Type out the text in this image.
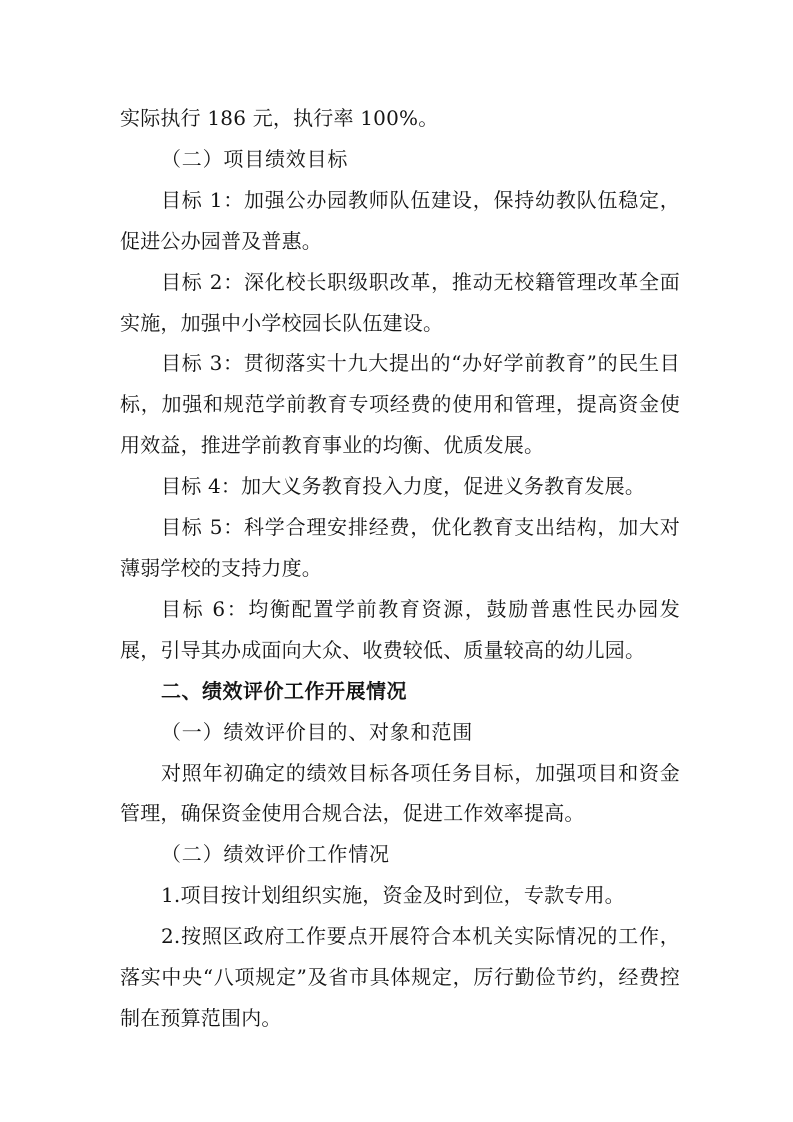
实际执行 186 元，执行率 100%。

（二）项目绩效目标

目标 1：加强公办园教师队伍建设，保持幼教队伍稳定，促进公办园普及普惠。

目标 2：深化校长职级职改革，推动无校籍管理改革全面实施，加强中小学校园长队伍建设。

目标 3：贯彻落实十九大提出的“办好学前教育”的民生目标，加强和规范学前教育专项经费的使用和管理，提高资金使用效益，推进学前教育事业的均衡、优质发展。

目标 4：加大义务教育投入力度，促进义务教育发展。

目标 5：科学合理安排经费，优化教育支出结构，加大对薄弱学校的支持力度。

目标 6：均衡配置学前教育资源，鼓励普惠性民办园发展，引导其办成面向大众、收费较低、质量较高的幼儿园。

二、绩效评价工作开展情况

（一）绩效评价目的、对象和范围

对照年初确定的绩效目标各项任务目标，加强项目和资金管理，确保资金使用合规合法，促进工作效率提高。

（二）绩效评价工作情况

1.项目按计划组织实施，资金及时到位，专款专用。

2.按照区政府工作要点开展符合本机关实际情况的工作，落实中央“八项规定”及省市具体规定，厉行勤俭节约，经费控制在预算范围内。
